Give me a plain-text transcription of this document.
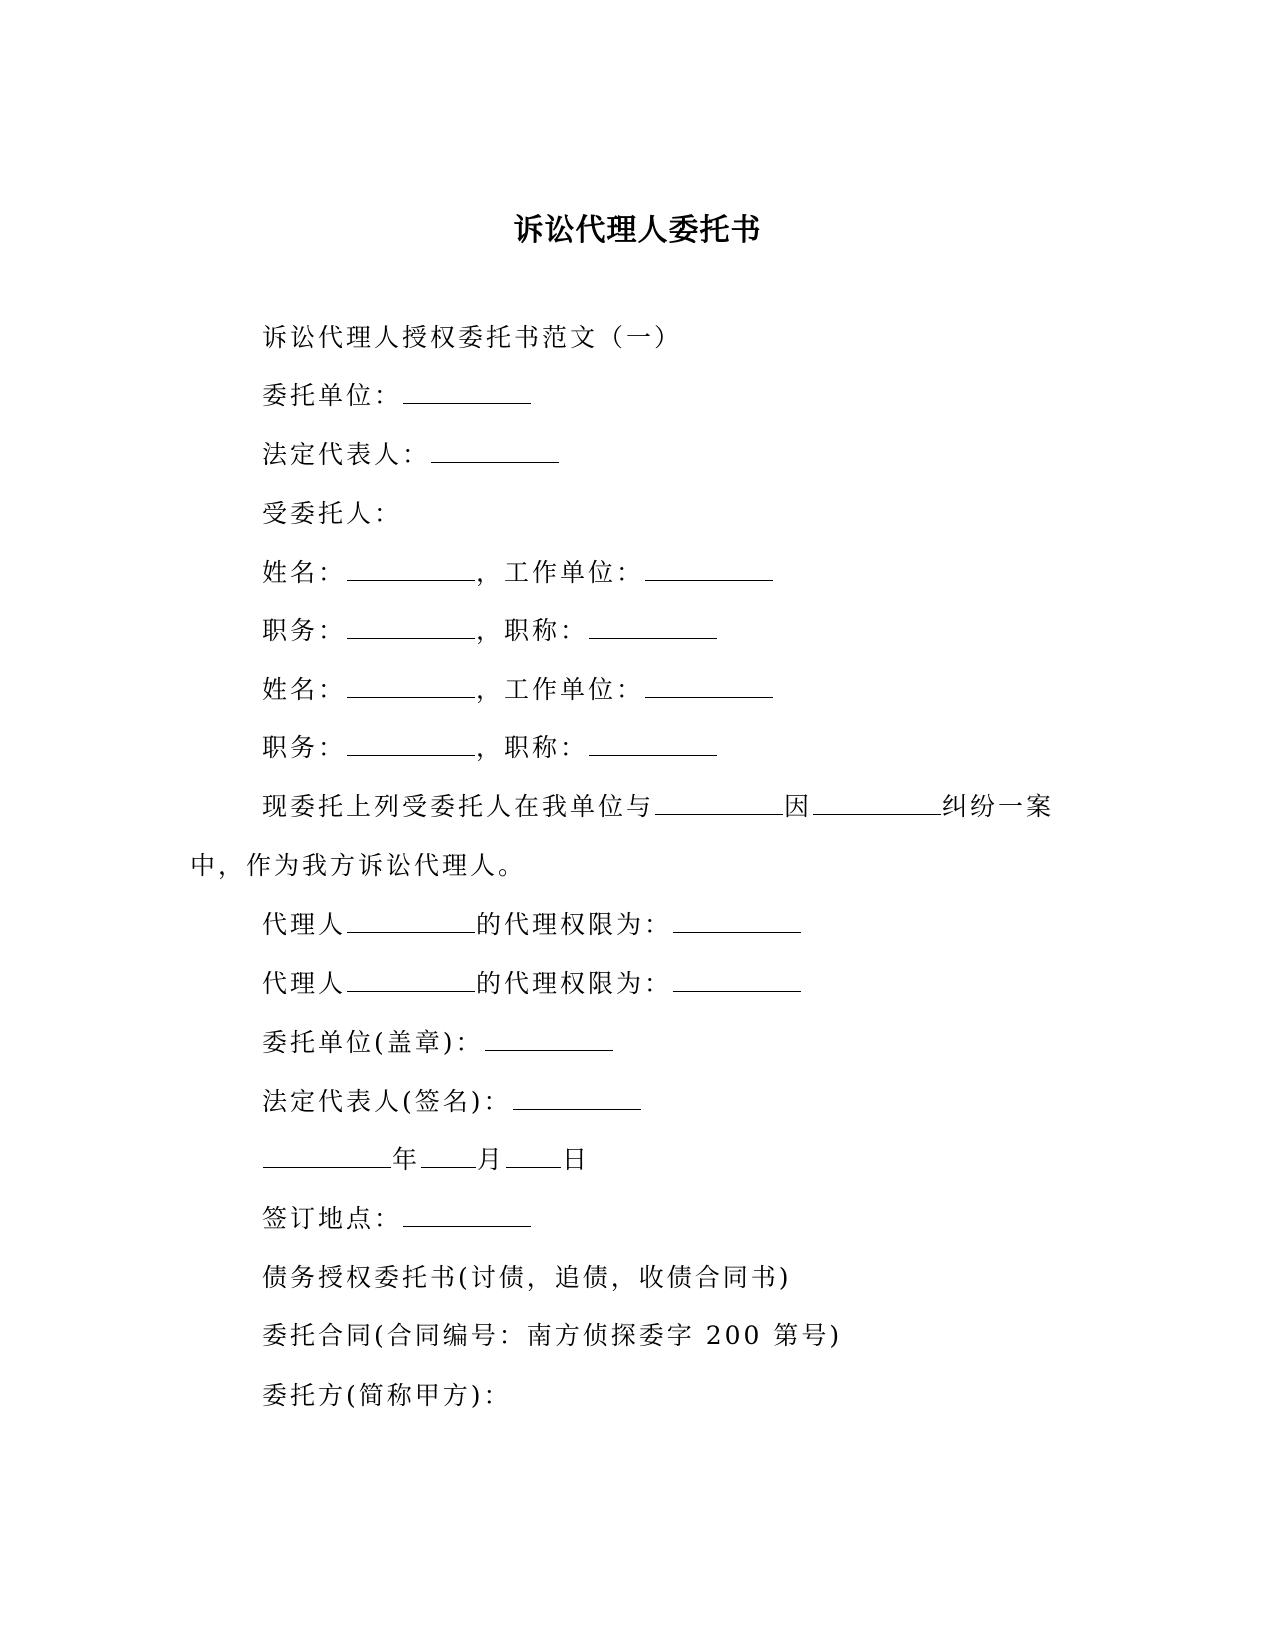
诉讼代理人委托书
诉讼代理人授权委托书范文（一）
委托单位：
法定代表人：
受委托人：
姓名：	，工作单位：
职务：	，职称：
姓名：	，工作单位：
职务：	，职称：
现委托上列受委托人在我单位与	因	纠纷一案
中，作为我方诉讼代理人。
代理人	的代理权限为：
代理人	的代理权限为：
委托单位(盖章)：
法定代表人(签名)：
年 月 日
签订地点：
债务授权委托书(讨债，追债，收债合同书)
委托合同(合同编号：南方侦探委字 200 第号)
委托方(简称甲方)：
